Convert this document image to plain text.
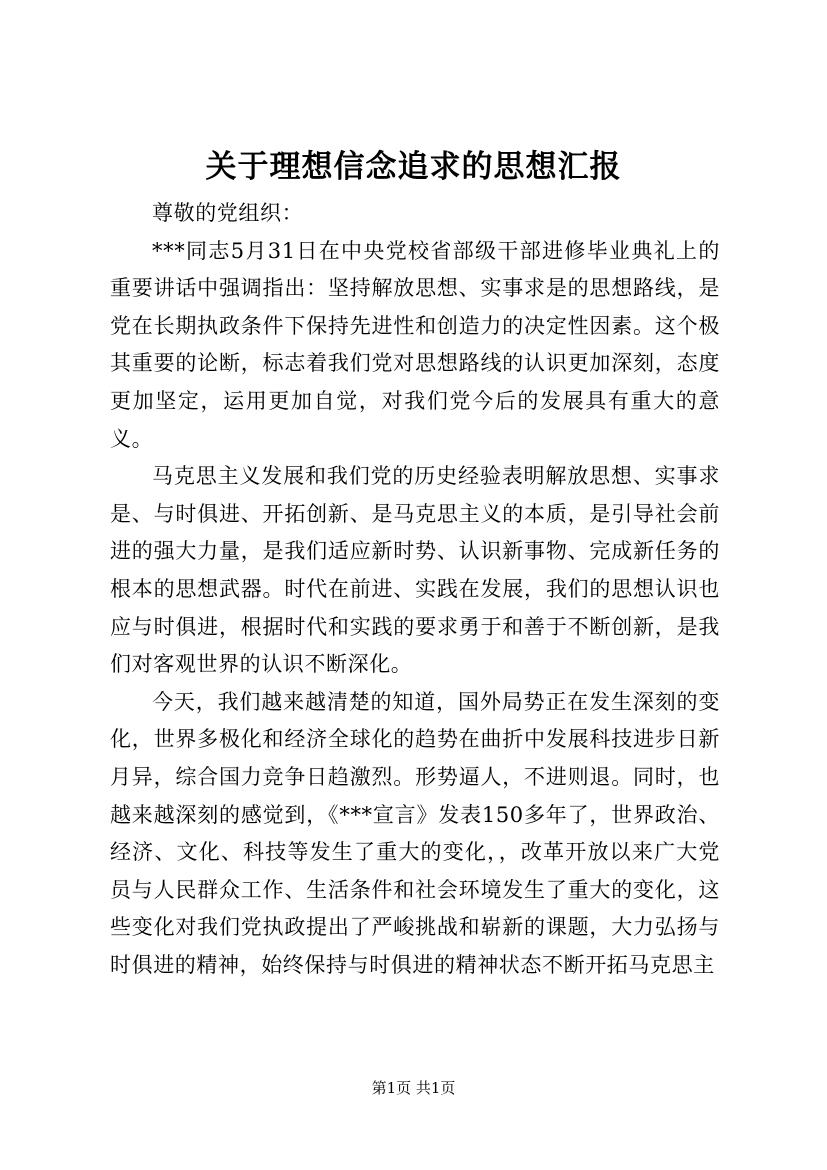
关于理想信念追求的思想汇报

尊敬的党组织：

***同志5月31日在中央党校省部级干部进修毕业典礼上的重要讲话中强调指出：坚持解放思想、实事求是的思想路线，是党在长期执政条件下保持先进性和创造力的决定性因素。这个极其重要的论断，标志着我们党对思想路线的认识更加深刻，态度更加坚定，运用更加自觉，对我们党今后的发展具有重大的意义。

马克思主义发展和我们党的历史经验表明解放思想、实事求是、与时俱进、开拓创新、是马克思主义的本质，是引导社会前进的强大力量，是我们适应新时势、认识新事物、完成新任务的根本的思想武器。时代在前进、实践在发展，我们的思想认识也应与时俱进，根据时代和实践的要求勇于和善于不断创新，是我们对客观世界的认识不断深化。

今天，我们越来越清楚的知道，国外局势正在发生深刻的变化，世界多极化和经济全球化的趋势在曲折中发展科技进步日新月异，综合国力竞争日趋激烈。形势逼人，不进则退。同时，也越来越深刻的感觉到，《***宣言》发表150多年了，世界政治、经济、文化、科技等发生了重大的变化，，改革开放以来广大党员与人民群众工作、生活条件和社会环境发生了重大的变化，这些变化对我们党执政提出了严峻挑战和崭新的课题，大力弘扬与时俱进的精神，始终保持与时俱进的精神状态不断开拓马克思主

第1页 共1页
